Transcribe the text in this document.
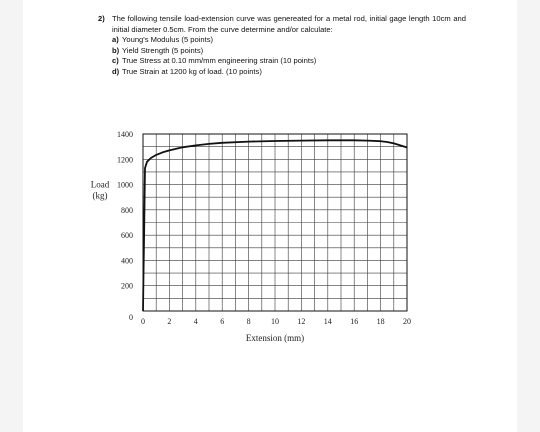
2) The following tensile load-extension curve was genereated for a metal rod, initial gage length 10cm and initial diameter 0.5cm. From the curve determine and/or calculate:
a) Young's Modulus (5 points)
b) Yield Strength (5 points)
c) True Stress at 0.10 mm/mm engineering strain (10 points)
d) True Strain at 1200 kg of load. (10 points)
0
200
400
600
800
1000
1200
1400
0	2	4	6	8	10 12 14 16 18 20
Extension (mm)
Load (kg)
